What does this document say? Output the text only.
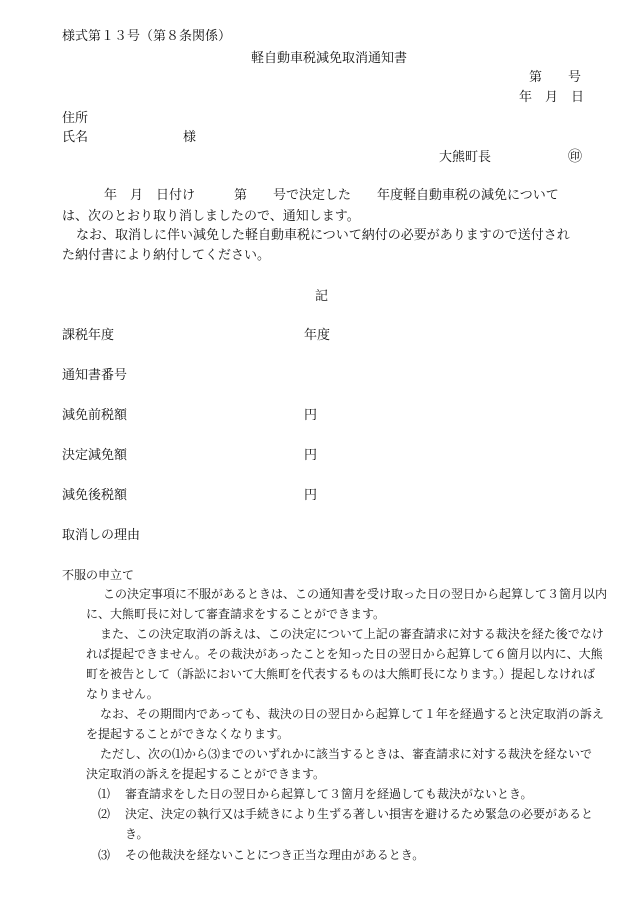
様式第１３号（第８条関係）
軽自動車税減免取消通知書
第　　号
年　月　日
住所
氏名	様
大熊町長	㊞
年　月　日付け　　　第　　号で決定した　　年度軽自動車税の減免について
は、次のとおり取り消しましたので、通知します。
なお、取消しに伴い減免した軽自動車税について納付の必要がありますので送付され
た納付書により納付してください。
記
課税年度	年度
通知書番号
減免前税額	円
決定減免額	円
減免後税額	円
取消しの理由
不服の申立て
この決定事項に不服があるときは、この通知書を受け取った日の翌日から起算して３箇月以内
に、大熊町長に対して審査請求をすることができます。
また、この決定取消の訴えは、この決定について上記の審査請求に対する裁決を経た後でなけ
れば提起できません。その裁決があったことを知った日の翌日から起算して６箇月以内に、大熊
町を被告として（訴訟において大熊町を代表するものは大熊町長になります。）提起しなければ
なりません。
なお、その期間内であっても、裁決の日の翌日から起算して１年を経過すると決定取消の訴え
を提起することができなくなります。
ただし、次の⑴から⑶までのいずれかに該当するときは、審査請求に対する裁決を経ないで
決定取消の訴えを提起することができます。
⑴ 審査請求をした日の翌日から起算して３箇月を経過しても裁決がないとき。
⑵ 決定、決定の執行又は手続きにより生ずる著しい損害を避けるため緊急の必要があると
き。
⑶ その他裁決を経ないことにつき正当な理由があるとき。
